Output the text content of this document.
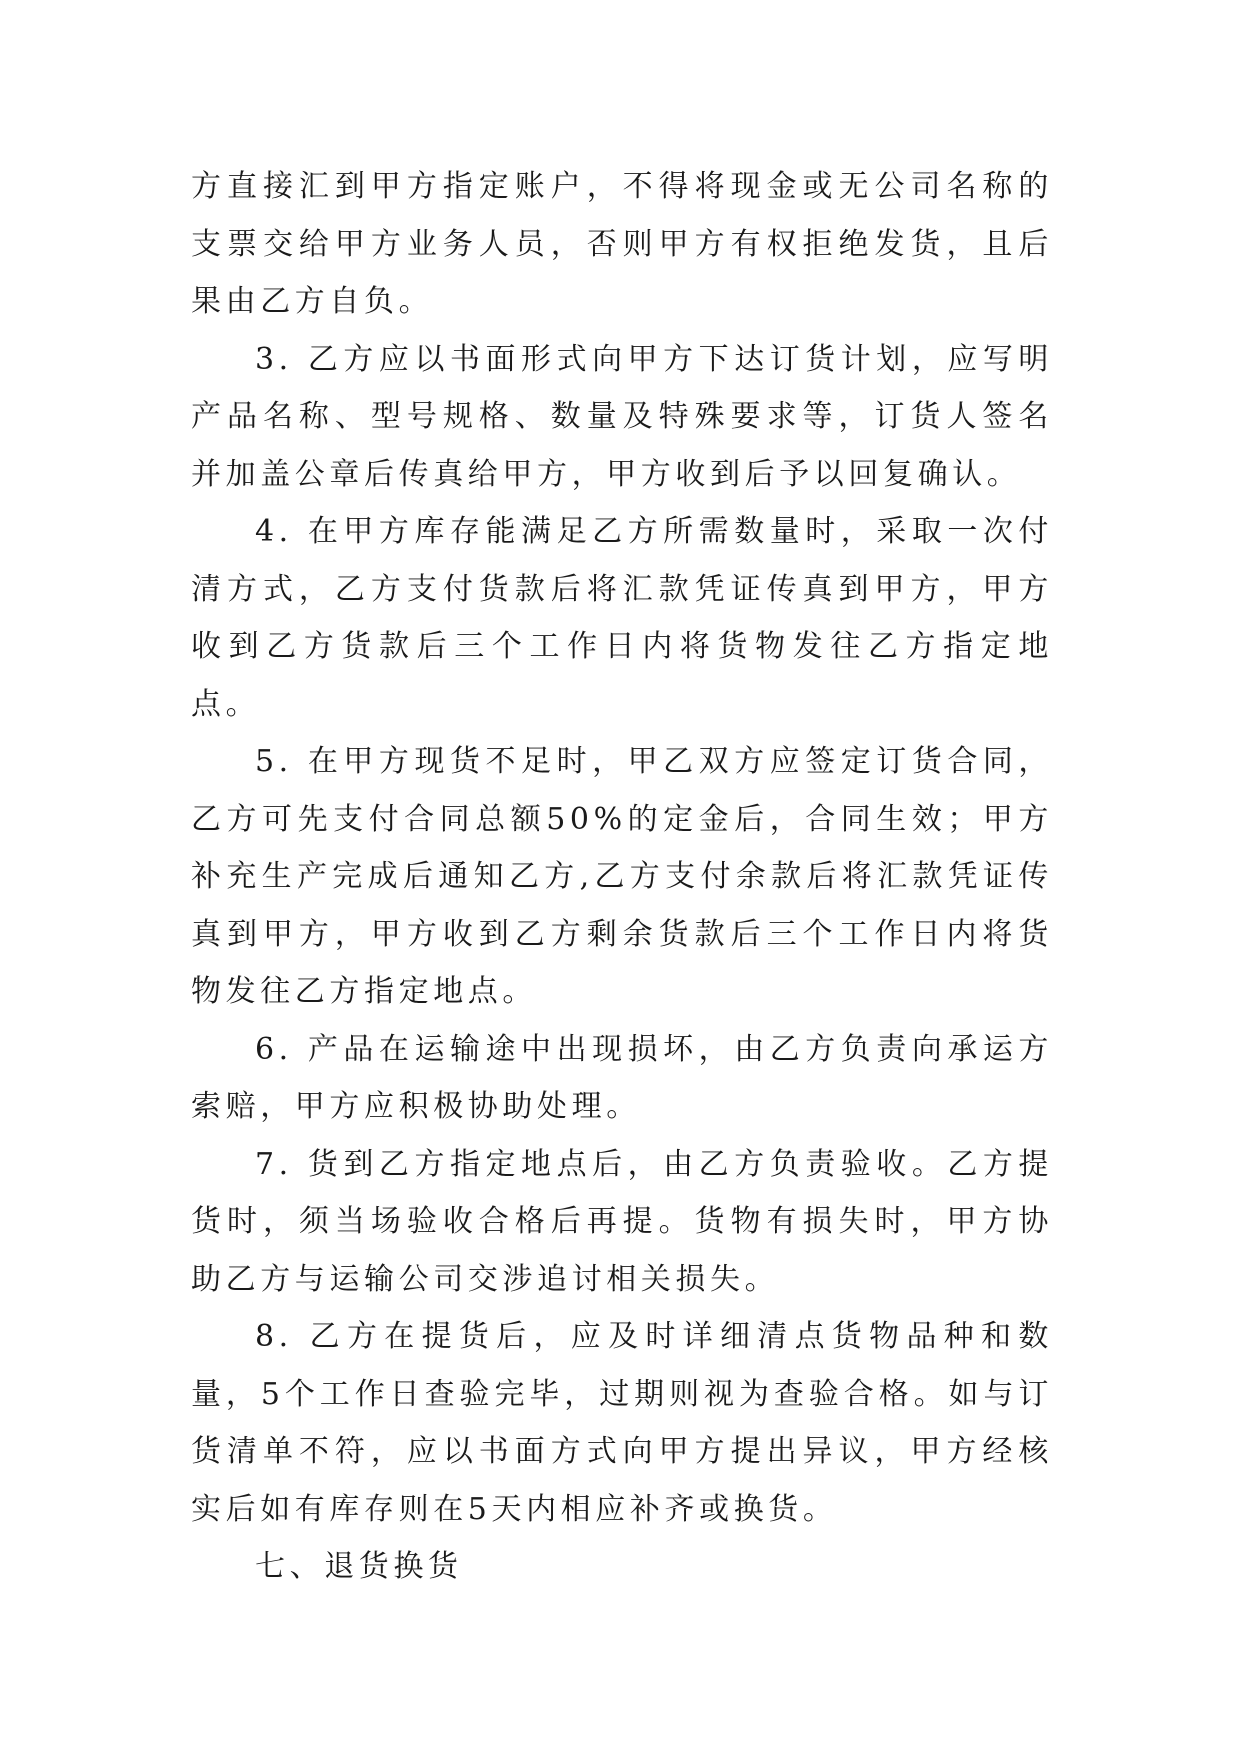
方直接汇到甲方指定账户，不得将现金或无公司名称的支票交给甲方业务人员，否则甲方有权拒绝发货，且后果由乙方自负。

3. 乙方应以书面形式向甲方下达订货计划，应写明产品名称、型号规格、数量及特殊要求等，订货人签名并加盖公章后传真给甲方，甲方收到后予以回复确认。

4. 在甲方库存能满足乙方所需数量时，采取一次付清方式，乙方支付货款后将汇款凭证传真到甲方，甲方收到乙方货款后三个工作日内将货物发往乙方指定地点。

5. 在甲方现货不足时，甲乙双方应签定订货合同，乙方可先支付合同总额50%的定金后，合同生效；甲方补充生产完成后通知乙方,乙方支付余款后将汇款凭证传真到甲方，甲方收到乙方剩余货款后三个工作日内将货物发往乙方指定地点。

6. 产品在运输途中出现损坏，由乙方负责向承运方索赔，甲方应积极协助处理。

7. 货到乙方指定地点后，由乙方负责验收。乙方提货时，须当场验收合格后再提。货物有损失时，甲方协助乙方与运输公司交涉追讨相关损失。

8. 乙方在提货后，应及时详细清点货物品种和数量，5个工作日查验完毕，过期则视为查验合格。如与订货清单不符，应以书面方式向甲方提出异议，甲方经核实后如有库存则在5天内相应补齐或换货。

七、退货换货
